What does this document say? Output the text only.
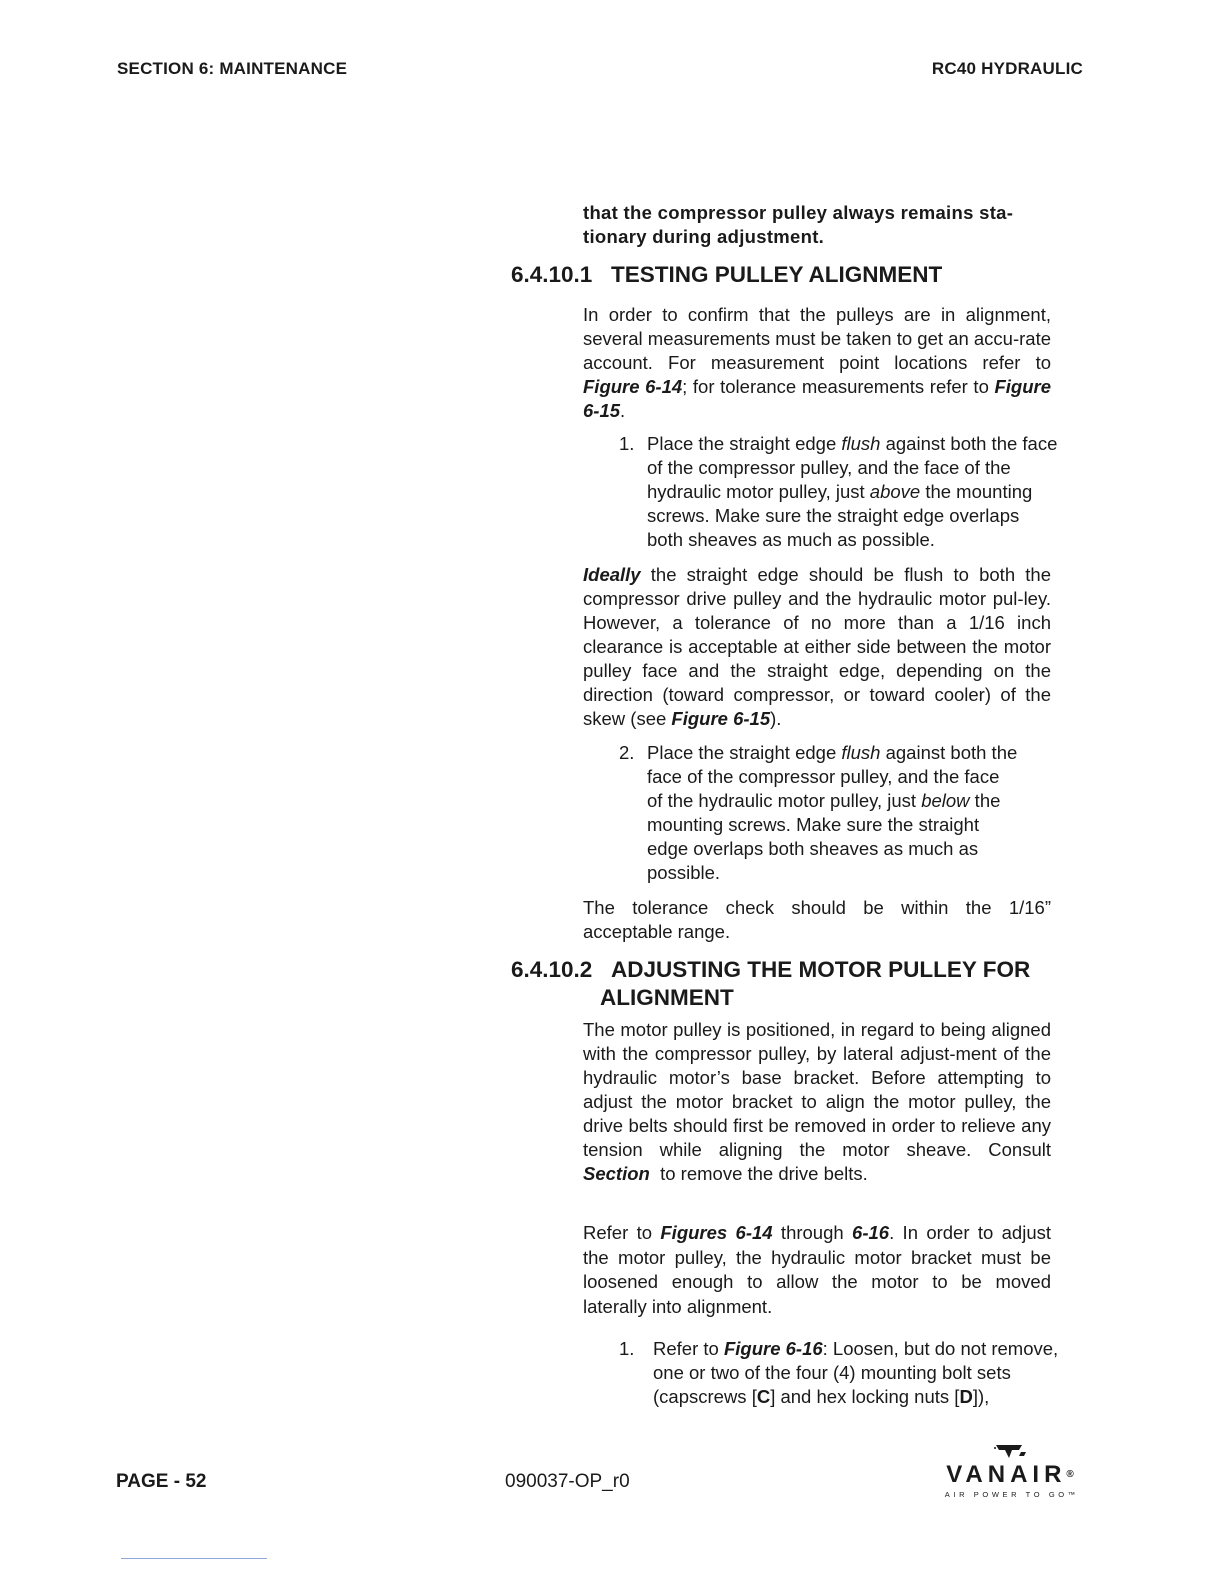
SECTION 6: MAINTENANCE	RC40 HYDRAULIC

that the compressor pulley always remains sta-tionary during adjustment.

6.4.10.1 TESTING PULLEY ALIGNMENT

In order to confirm that the pulleys are in alignment, several measurements must be taken to get an accu-rate account. For measurement point locations refer to Figure 6-14; for tolerance measurements refer to Figure 6-15.

1. Place the straight edge flush against both the face of the compressor pulley, and the face of the hydraulic motor pulley, just above the mounting screws. Make sure the straight edge overlaps both sheaves as much as possible.

Ideally the straight edge should be flush to both the compressor drive pulley and the hydraulic motor pul-ley. However, a tolerance of no more than a 1/16 inch clearance is acceptable at either side between the motor pulley face and the straight edge, depending on the direction (toward compressor, or toward cooler) of the skew (see Figure 6-15).

2. Place the straight edge flush against both the face of the compressor pulley, and the face of the hydraulic motor pulley, just below the mounting screws. Make sure the straight edge overlaps both sheaves as much as possible.

The tolerance check should be within the 1/16” acceptable range.

6.4.10.2 ADJUSTING THE MOTOR PULLEY FOR
ALIGNMENT

The motor pulley is positioned, in regard to being aligned with the compressor pulley, by lateral adjust-ment of the hydraulic motor’s base bracket. Before attempting to adjust the motor bracket to align the motor pulley, the drive belts should first be removed in order to relieve any tension while aligning the motor sheave. Consult Section  to remove the drive belts.

Refer to Figures 6-14 through 6-16. In order to adjust the motor pulley, the hydraulic motor bracket must be loosened enough to allow the motor to be moved laterally into alignment.

1.	Refer to Figure 6-16: Loosen, but do not remove, one or two of the four (4) mounting bolt sets (capscrews [C] and hex locking nuts [D]),
PAGE - 52	090037-OP_r0	VANAIR®
AIR POWER TO GO™
